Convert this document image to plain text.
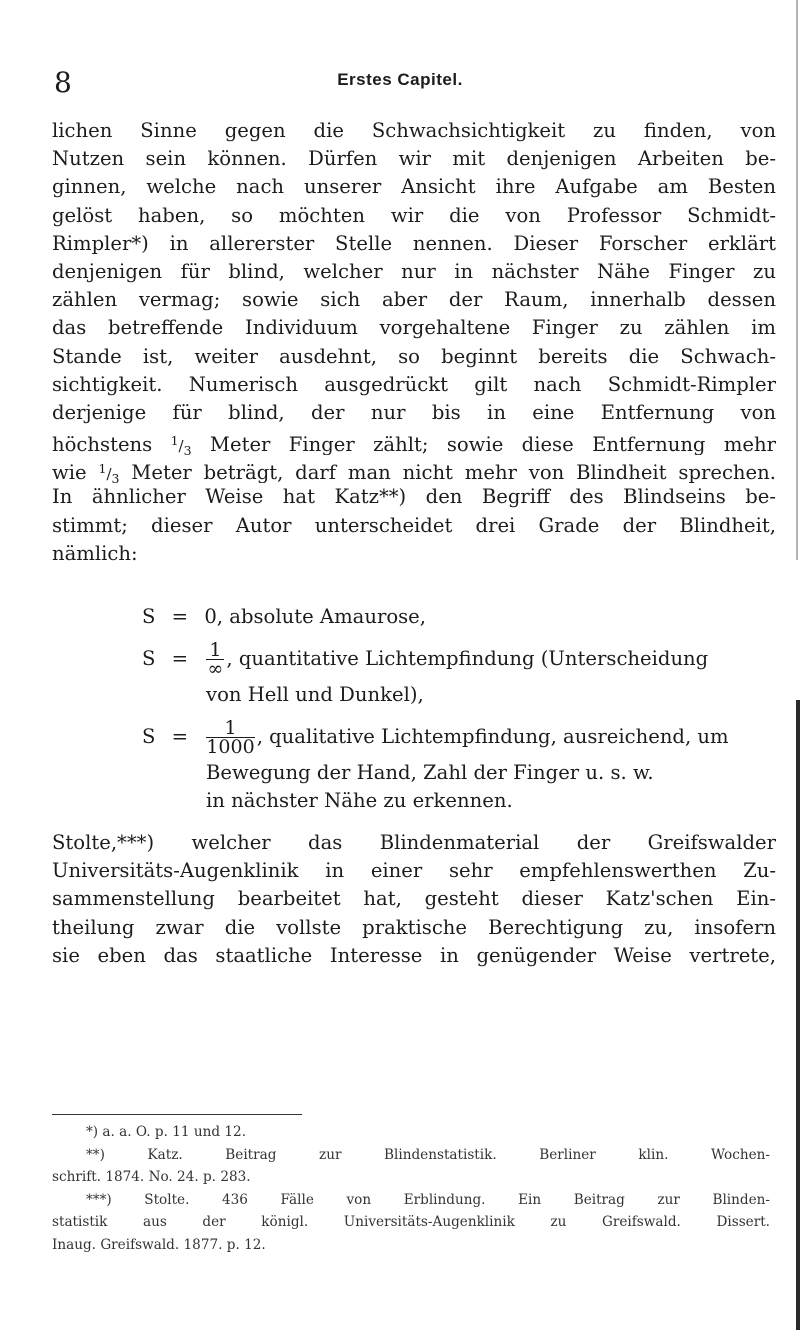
8	Erstes Capitel.
lichen Sinne gegen die Schwachsichtigkeit zu finden, von
Nutzen sein können. Dürfen wir mit denjenigen Arbeiten be-
ginnen, welche nach unserer Ansicht ihre Aufgabe am Besten
gelöst haben, so möchten wir die von Professor Schmidt-
Rimpler*) in allererster Stelle nennen. Dieser Forscher erklärt
denjenigen für blind, welcher nur in nächster Nähe Finger zu
zählen vermag; sowie sich aber der Raum, innerhalb dessen
das betreffende Individuum vorgehaltene Finger zu zählen im
Stande ist, weiter ausdehnt, so beginnt bereits die Schwach-
sichtigkeit. Numerisch ausgedrückt gilt nach Schmidt-Rimpler
derjenige für blind, der nur bis in eine Entfernung von
höchstens $^1/_3$ Meter Finger zählt; sowie diese Entfernung mehr
wie $^1/_3$ Meter beträgt, darf man nicht mehr von Blindheit sprechen.
In ähnlicher Weise hat Katz**) den Begriff des Blindseins be-
stimmt; dieser Autor unterscheidet drei Grade der Blindheit,
nämlich:
S = 0, absolute Amaurose,
$S = \frac{1}{\infty}$ , quantitative Lichtempfindung (Unterscheidung
von Hell und Dunkel),
$S = \frac{1}{1000}$ , qualitative Lichtempfindung, ausreichend, um
Bewegung der Hand, Zahl der Finger u. s. w.
in nächster Nähe zu erkennen.
Stolte,***) welcher das Blindenmaterial der Greifswalder
Universitäts-Augenklinik in einer sehr empfehlenswerthen Zu-
sammenstellung bearbeitet hat, gesteht dieser Katz'schen Ein-
theilung zwar die vollste praktische Berechtigung zu, insofern
sie eben das staatliche Interesse in genügender Weise vertrete,
*) a. a. O. p. 11 und 12.
**) Katz. Beitrag zur Blindenstatistik. Berliner klin. Wochen-
schrift. 1874. No. 24. p. 283.
***) Stolte. 436 Fälle von Erblindung. Ein Beitrag zur Blinden-
statistik aus der königl. Universitäts-Augenklinik zu Greifswald. Dissert.
Inaug. Greifswald. 1877. p. 12.
